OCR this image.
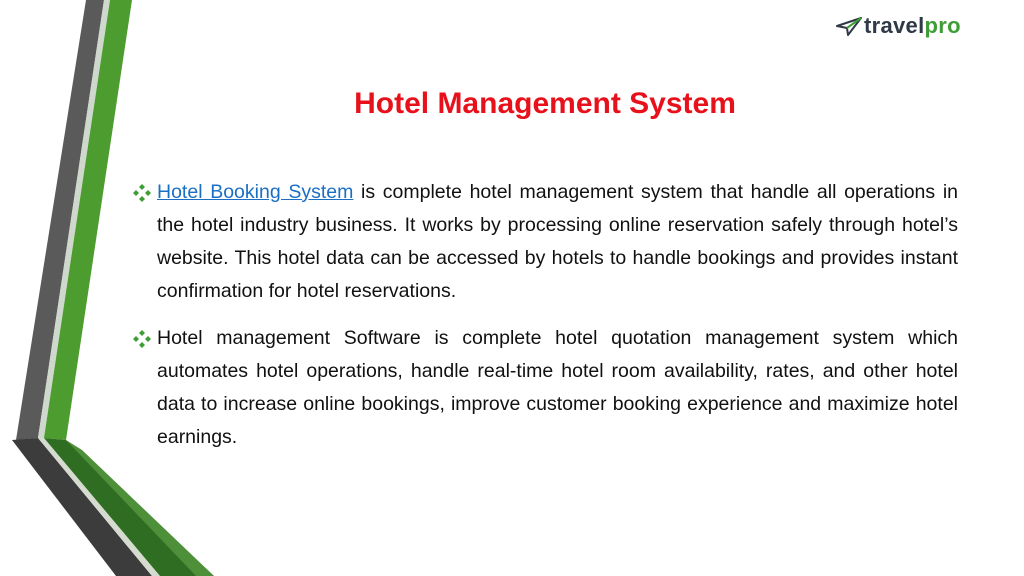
travel pro
Hotel Management System
Hotel Booking System is complete hotel management system that handle all operations in the hotel industry business. It works by processing online reservation safely through hotel’s website. This hotel data can be accessed by hotels to handle bookings and provides instant confirmation for hotel reservations.
Hotel management Software is complete hotel quotation management system which automates hotel operations, handle real-time hotel room availability, rates, and other hotel data to increase online bookings, improve customer booking experience and maximize hotel earnings.
